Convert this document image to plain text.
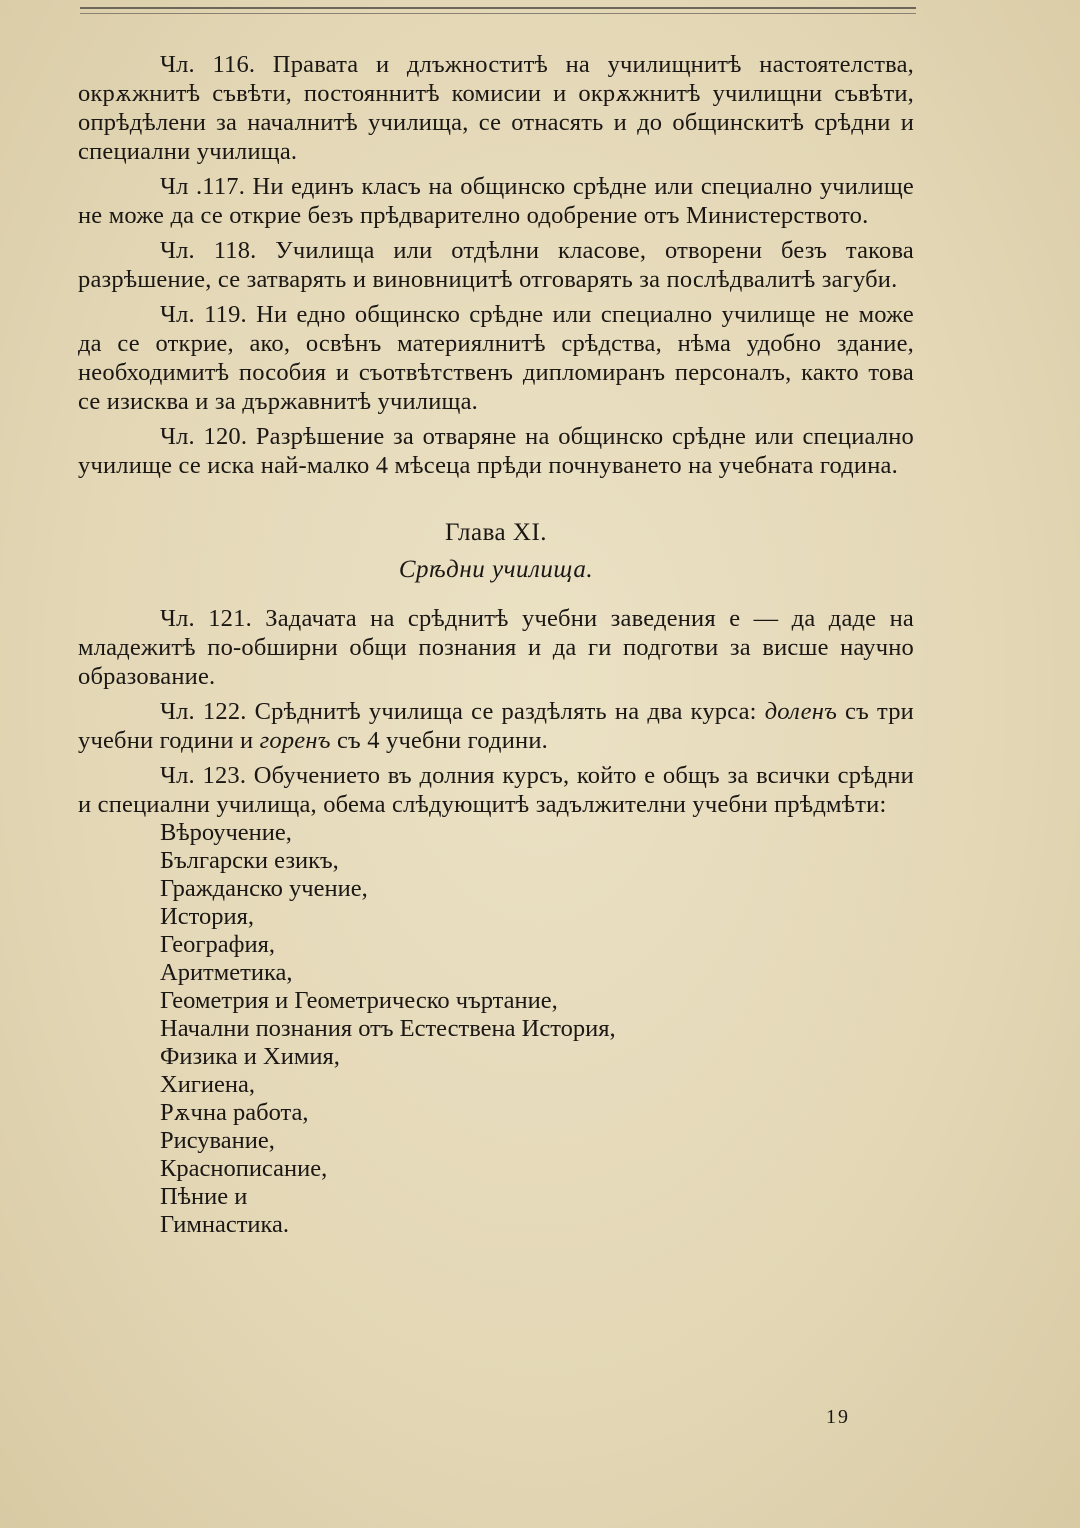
Чл. 116. Правата и длъжноститѣ на училищнитѣ настоятелства, окрѫжнитѣ съвѣти, постояннитѣ комисии и окрѫжнитѣ училищни съвѣти, опрѣдѣлени за началнитѣ училища, се отнасять и до общинскитѣ срѣдни и специални училища.

Чл .117. Ни единъ класъ на общинско срѣдне или специално училище не може да се открие безъ прѣдварително одобрение отъ Министерството.

Чл. 118. Училища или отдѣлни класове, отворени безъ такова разрѣшение, се затварять и виновницитѣ отговарять за послѣдвалитѣ загуби.

Чл. 119. Ни едно общинско срѣдне или специално училище не може да се открие, ако, освѣнъ материялнитѣ срѣдства, нѣма удобно здание, необходимитѣ пособия и съотвѣтственъ дипломиранъ персоналъ, както това се изисква и за държавнитѣ училища.

Чл. 120. Разрѣшение за отваряне на общинско срѣдне или специално училище се иска най-малко 4 мѣсеца прѣди почнуването на учебната година.

Глава XI.
Срѣдни училища.

Чл. 121. Задачата на срѣднитѣ учебни заведения е — да даде на младежитѣ по-обширни общи познания и да ги подготви за висше научно образование.

Чл. 122. Срѣднитѣ училища се раздѣлять на два курса: доленъ съ три учебни години и горенъ съ 4 учебни години.

Чл. 123. Обучението въ долния курсъ, който е общъ за всички срѣдни и специални училища, обема слѣдующитѣ задължителни учебни прѣдмѣти:

Вѣроучение,
Български езикъ,
Гражданско учение,
История,
География,
Аритметика,
Геометрия и Геометрическо чъртание,
Начални познания отъ Естествена История,
Физика и Химия,
Хигиена,
Рѫчна работа,
Рисувание,
Краснописание,
Пѣние и
Гимнастика.
19
